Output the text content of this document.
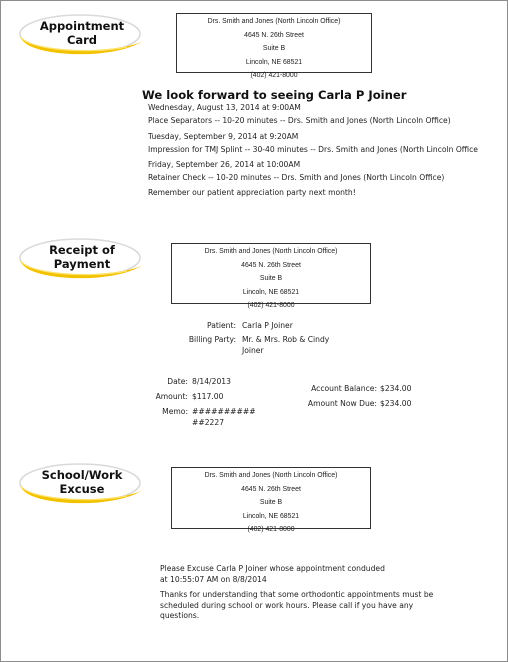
Appointment
Card
Drs. Smith and Jones (North Lincoln Office)
4645 N. 26th Street
Suite B
Lincoln, NE 68521
(402) 421-8000
We look forward to seeing Carla P Joiner
Wednesday, August 13, 2014 at 9:00AM
Place Separators -- 10-20 minutes -- Drs. Smith and Jones (North Lincoln Office)
Tuesday, September 9, 2014 at 9:20AM
Impression for TMJ Splint -- 30-40 minutes -- Drs. Smith and Jones (North Lincoln Office
Friday, September 26, 2014 at 10:00AM
Retainer Check -- 10-20 minutes -- Drs. Smith and Jones (North Lincoln Office)
Remember our patient appreciation party next month!
Receipt of
Payment
Drs. Smith and Jones (North Lincoln Office)
4645 N. 26th Street
Suite B
Lincoln, NE 68521
(402) 421-8000
Patient: Carla P Joiner
Billing Party: Mr. & Mrs. Rob & Cindy
Joiner
Date: 8/14/2013
Amount: $117.00
Memo: ##########
##2227
Account Balance: $234.00
Amount Now Due: $234.00
School/Work
Excuse
Drs. Smith and Jones (North Lincoln Office)
4645 N. 26th Street
Suite B
Lincoln, NE 68521
(402) 421-8000
Please Excuse Carla P Joiner whose appointment conduded
at 10:55:07 AM on 8/8/2014
Thanks for understanding that some orthodontic appointments must be
scheduled during school or work hours. Please call if you have any
questions.
